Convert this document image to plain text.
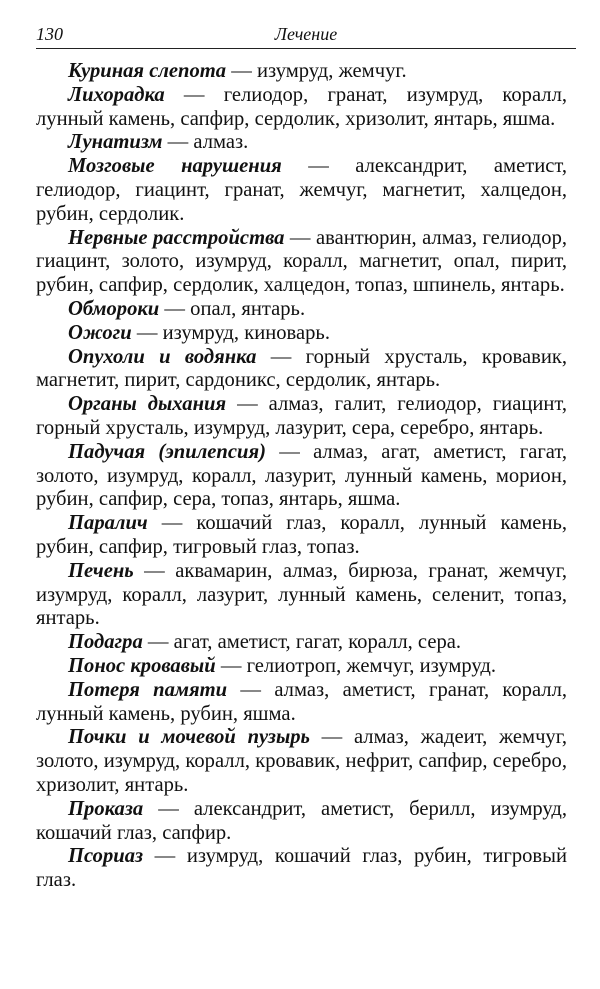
130	Лечение

Куриная слепота — изумруд, жемчуг.

Лихорадка — гелиодор, гранат, изумруд, коралл, лунный камень, сапфир, сердолик, хризолит, янтарь, яшма.

Лунатизм — алмаз.

Мозговые нарушения — александрит, аметист, гелиодор, гиацинт, гранат, жемчуг, магнетит, халцедон, рубин, сердолик.

Нервные расстройства — авантюрин, алмаз, гелиодор, гиацинт, золото, изумруд, коралл, магнетит, опал, пирит, рубин, сапфир, сердолик, халцедон, топаз, шпинель, янтарь.

Обмороки — опал, янтарь.

Ожоги — изумруд, киноварь.

Опухоли и водянка — горный хрусталь, кровавик, магнетит, пирит, сардоникс, сердолик, янтарь.

Органы дыхания — алмаз, галит, гелиодор, гиацинт, горный хрусталь, изумруд, лазурит, сера, серебро, янтарь.

Падучая (эпилепсия) — алмаз, агат, аметист, гагат, золото, изумруд, коралл, лазурит, лунный камень, морион, рубин, сапфир, сера, топаз, янтарь, яшма.

Паралич — кошачий глаз, коралл, лунный камень, рубин, сапфир, тигровый глаз, топаз.

Печень — аквамарин, алмаз, бирюза, гранат, жемчуг, изумруд, коралл, лазурит, лунный камень, селенит, топаз, янтарь.

Подагра — агат, аметист, гагат, коралл, сера.

Понос кровавый — гелиотроп, жемчуг, изумруд.

Потеря памяти — алмаз, аметист, гранат, коралл, лунный камень, рубин, яшма.

Почки и мочевой пузырь — алмаз, жадеит, жемчуг, золото, изумруд, коралл, кровавик, нефрит, сапфир, серебро, хризолит, янтарь.

Проказа — александрит, аметист, берилл, изумруд, кошачий глаз, сапфир.

Псориаз — изумруд, кошачий глаз, рубин, тигровый глаз.
